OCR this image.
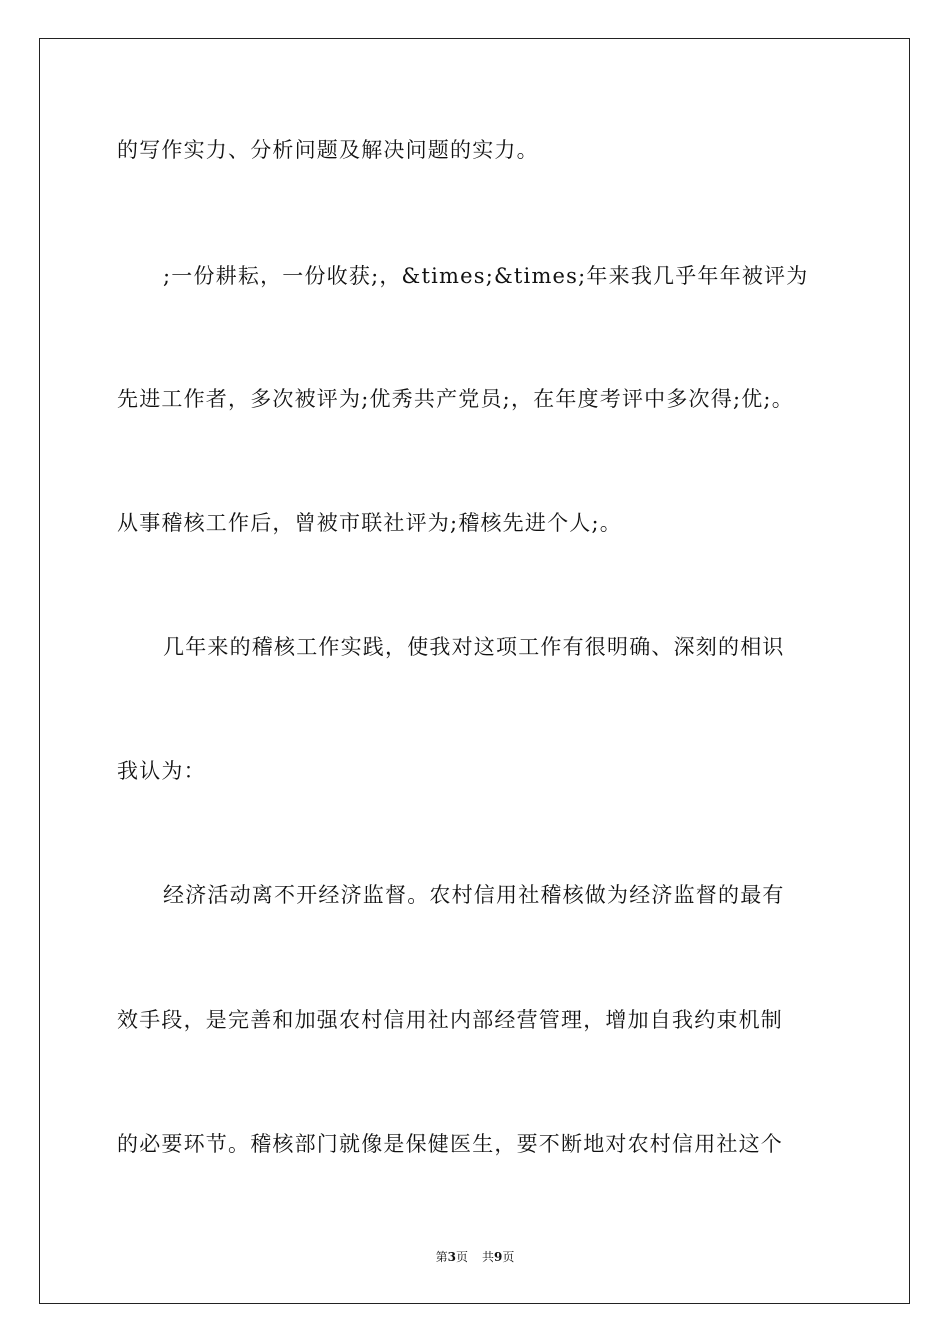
的写作实力、分析问题及解决问题的实力。
;一份耕耘，一份收获;，&times;&times;年来我几乎年年被评为
先进工作者，多次被评为;优秀共产党员;，在年度考评中多次得;优;。
从事稽核工作后，曾被市联社评为;稽核先进个人;。
几年来的稽核工作实践，使我对这项工作有很明确、深刻的相识
我认为：
经济活动离不开经济监督。农村信用社稽核做为经济监督的最有
效手段，是完善和加强农村信用社内部经营管理，增加自我约束机制
的必要环节。稽核部门就像是保健医生，要不断地对农村信用社这个
第3页 共9页
